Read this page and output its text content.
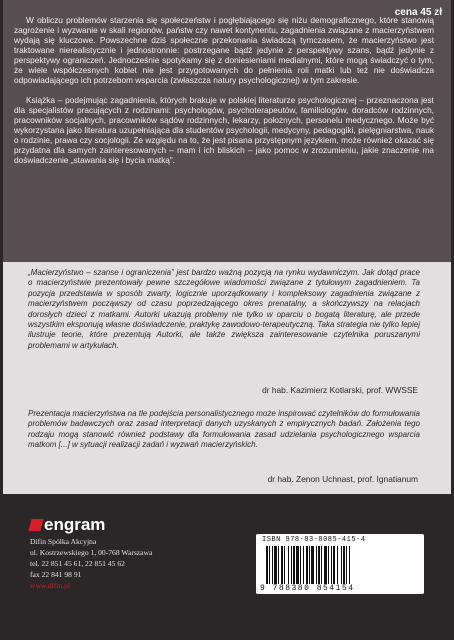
cena 45 zł

W obliczu problemów starzenia się społeczeństw i pogłębiającego się niżu demograficznego, które stanowią zagrożenie i wyzwanie w skali regionów, państw czy nawet kontynentu, zagadnienia związane z macierzyństwem wydają się kluczowe. Powszechne dziś społeczne przekonania świadczą tymczasem, że macierzyństwo jest traktowane nierealistycznie i jednostronnie: postrzegane bądź jedynie z perspektywy szans, bądź jedynie z perspektywy ograniczeń. Jednocześnie spotykamy się z doniesieniami medialnymi, które mogą świadczyć o tym, że wiele współczesnych kobiet nie jest przygotowanych do pełnienia roli matki lub też nie doświadcza odpowiadającego ich potrzebom wsparcia (zwłaszcza natury psychologicznej) w tym zakresie.

Książka – podejmując zagadnienia, których brakuje w polskiej literaturze psychologicznej – przeznaczona jest dla specjalistów pracujących z rodzinami: psychologów, psychoterapeutów, familiologów, doradców rodzinnych, pracowników socjalnych, pracowników sądów rodzinnych, lekarzy, położnych, personelu medycznego. Może być wykorzystana jako literatura uzupełniająca dla studentów psychologii, medycyny, pedagogiki, pielęgniarstwa, nauk o rodzinie, prawa czy socjologii. Ze względu na to, że jest pisana przystępnym językiem, może również okazać się przydatna dla samych zainteresowanych – mam i ich bliskich – jako pomoc w zrozumieniu, jakie znaczenie ma doświadczenie „stawania się i bycia matką”.

„Macierzyństwo – szanse i ograniczenia” jest bardzo ważną pozycją na rynku wydawniczym. Jak dotąd prace o macierzyństwie prezentowały pewne szczegółowe wiadomości związane z tytułowym zagadnieniem. Ta pozycja przedstawia w sposób zwarty, logicznie uporządkowany i kompleksowy zagadnienia związane z macierzyństwem począwszy od czasu poprzedzającego okres prenatalny, a skończywszy na relacjach dorosłych dzieci z matkami. Autorki ukazują problemy nie tylko w oparciu o bogatą literaturę, ale przede wszystkim eksponują własne doświadczenie, praktykę zawodowo-terapeutyczną. Taka strategia nie tylko lepiej ilustruje teorie, które prezentują Autorki, ale także zwiększa zainteresowanie czytelnika poruszanymi problemami w artykułach.

dr hab. Kazimierz Kotlarski, prof. WWSSE

Prezentacja macierzyństwa na tle podejścia personalistycznego może inspirować czytelników do formułowania problemów badawczych oraz zasad interpretacji danych uzyskanych z empirycznych badań. Założenia tego rodzaju mogą stanowić również podstawy dla formułowania zasad udzielania psychologicznego wsparcia matkom [...] w sytuacji realizacji zadań i wyzwań macierzyńskich.

dr hab. Zenon Uchnast, prof. Ignatianum

engram
Difin Spółka Akcyjna
ul. Kostrzewskiego 1, 00-768 Warszawa
tel. 22 851 45 61, 22 851 45 62
fax 22 841 98 91
www.difin.pl
ISBN 978-83-8085-415-4
9 788380 854154
